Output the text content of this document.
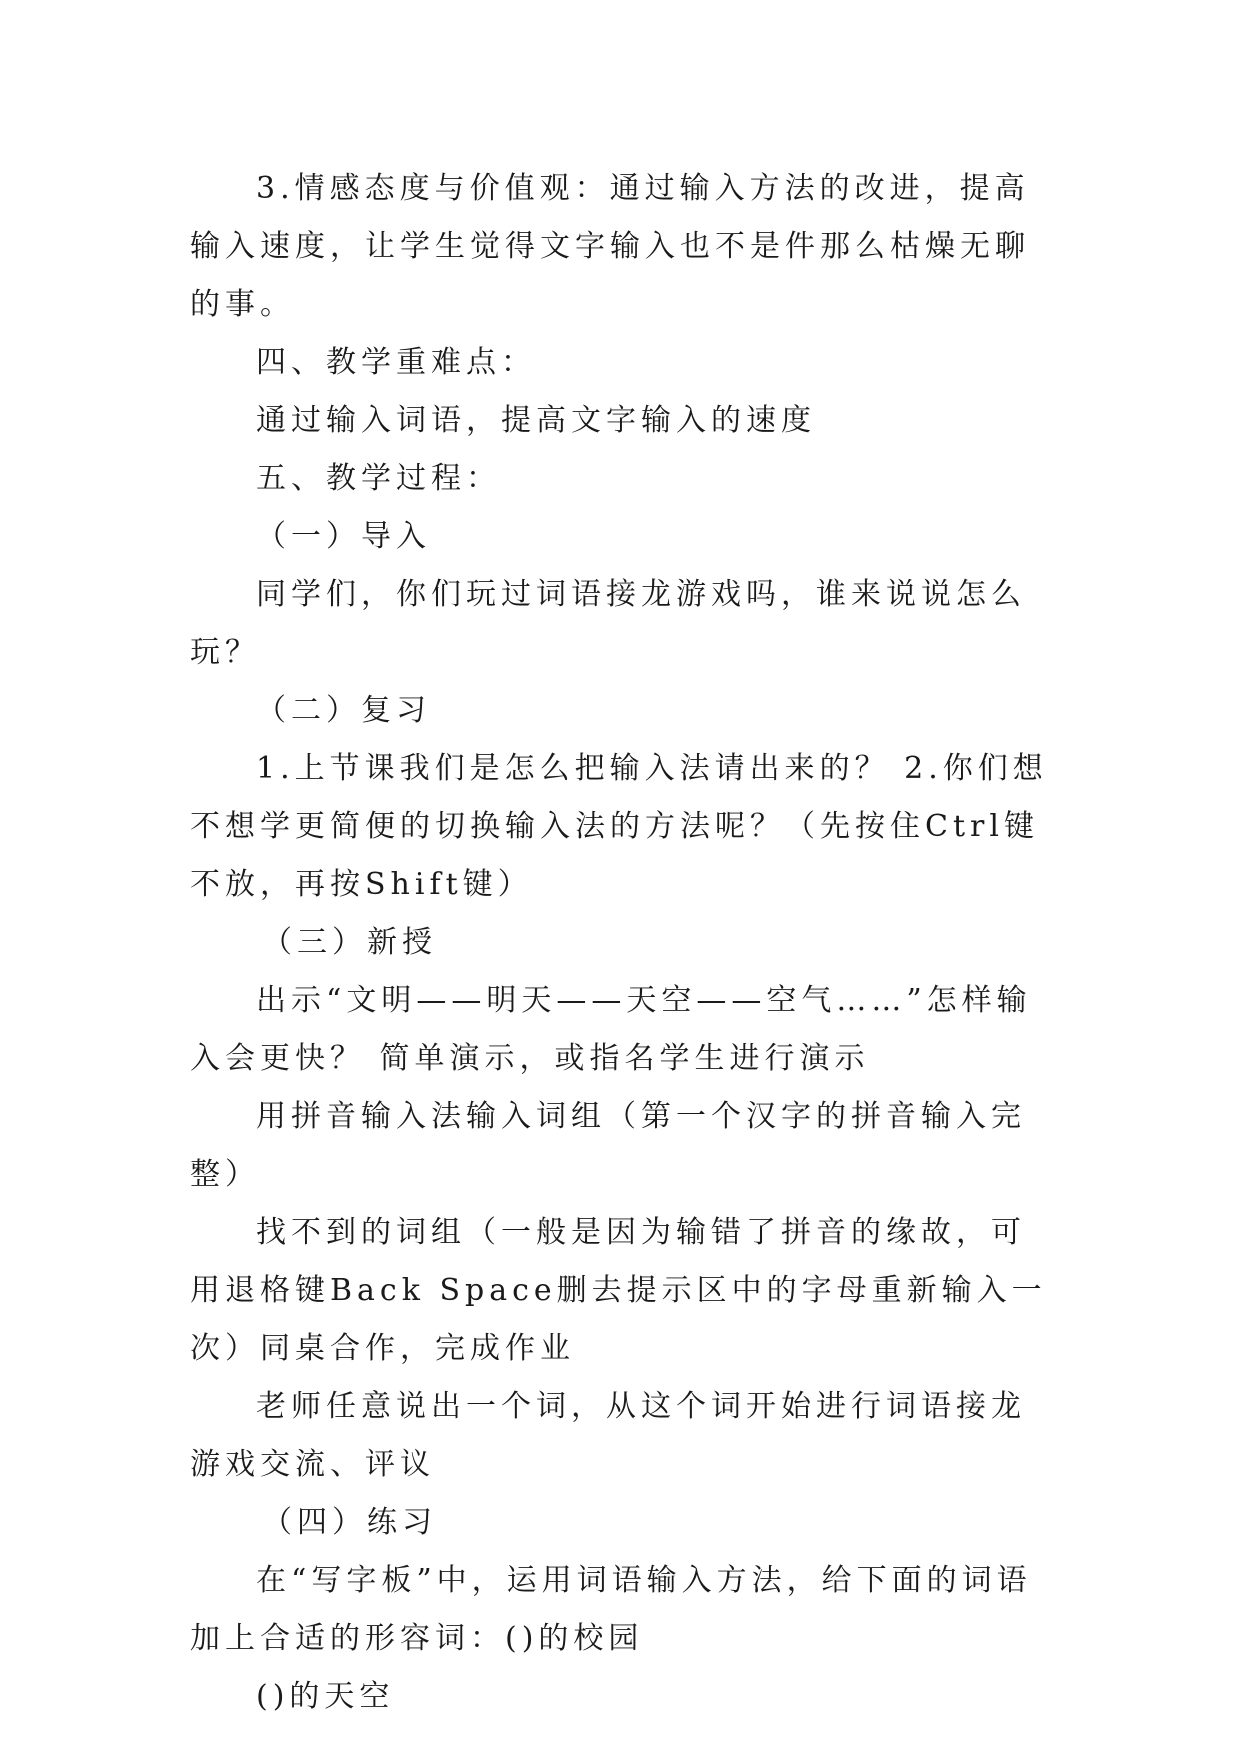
3.情感态度与价值观：通过输入方法的改进，提高输入速度，让学生觉得文字输入也不是件那么枯燥无聊的事。

四、教学重难点：

通过输入词语，提高文字输入的速度

五、教学过程：

（一）导入

同学们，你们玩过词语接龙游戏吗，谁来说说怎么玩？

（二）复习

1.上节课我们是怎么把输入法请出来的？ 2.你们想不想学更简便的切换输入法的方法呢？（先按住Ctrl键不放，再按Shift键）

（三）新授

出示“文明——明天——天空——空气……”怎样输入会更快？ 简单演示，或指名学生进行演示

用拼音输入法输入词组（第一个汉字的拼音输入完整）

找不到的词组（一般是因为输错了拼音的缘故，可用退格键Back Space删去提示区中的字母重新输入一次）同桌合作，完成作业

老师任意说出一个词，从这个词开始进行词语接龙游戏交流、评议

（四）练习

在“写字板”中，运用词语输入方法，给下面的词语加上合适的形容词：()的校园

()的天空
